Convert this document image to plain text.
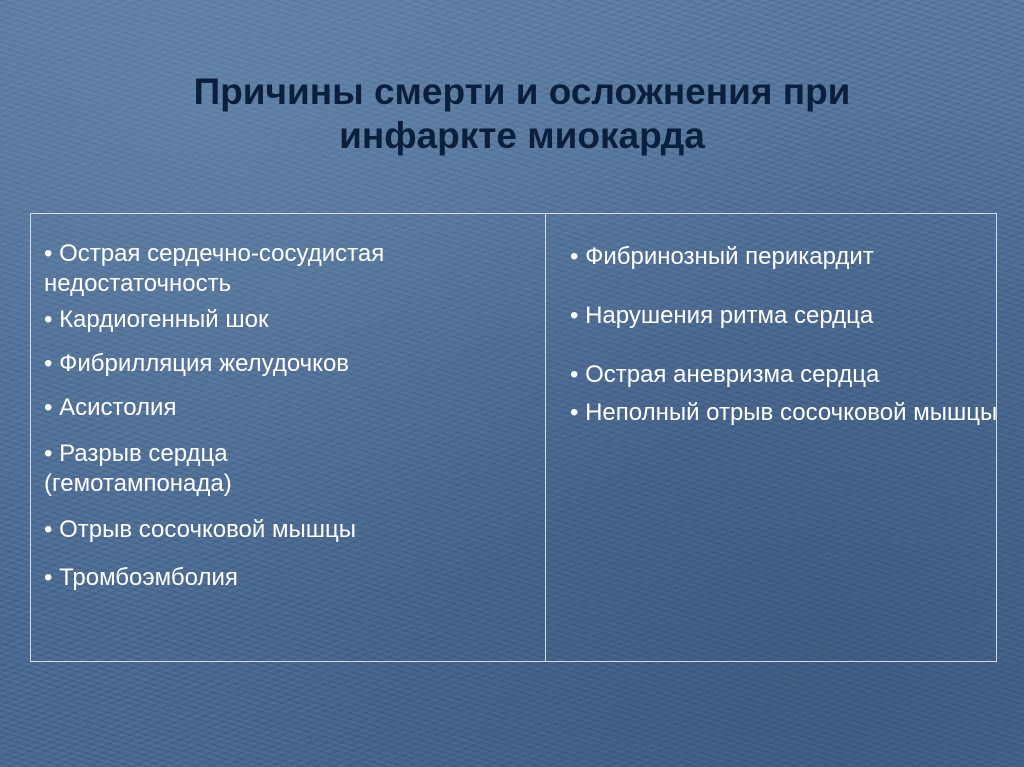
Причины смерти и осложнения при
инфаркте миокарда
• Острая сердечно-сосудистая недостаточность
• Кардиогенный шок
• Фибрилляция желудочков
• Асистолия
• Разрыв сердца (гемотампонада)
• Отрыв сосочковой мышцы
• Тромбоэмболия
• Фибринозный перикардит
• Нарушения ритма сердца
• Острая аневризма сердца
• Неполный отрыв сосочковой мышцы
